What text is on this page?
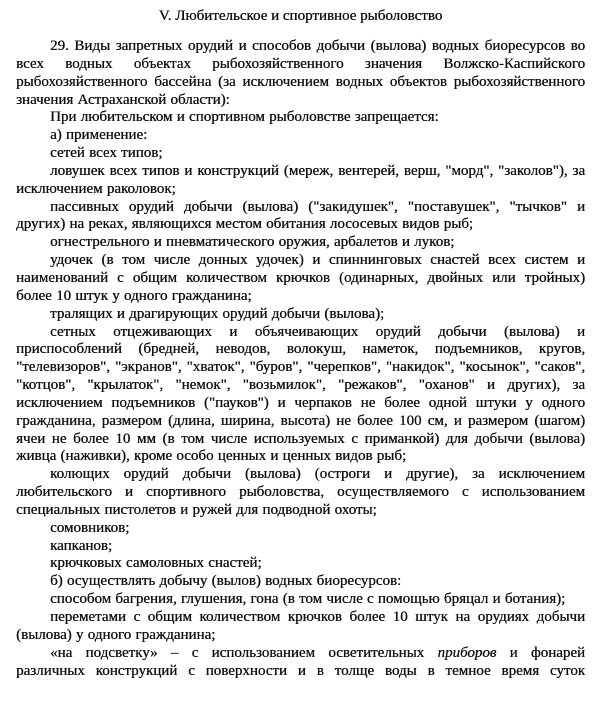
V. Любительское и спортивное рыболовство

29. Виды запретных орудий и способов добычи (вылова) водных биоресурсов во всех водных объектах рыбохозяйственного значения Волжско-Каспийского рыбохозяйственного бассейна (за исключением водных объектов рыбохозяйственного значения Астраханской области):

При любительском и спортивном рыболовстве запрещается:

а) применение:

сетей всех типов;

ловушек всех типов и конструкций (мереж, вентерей, верш, "морд", "заколов"), за исключением раколовок;

пассивных орудий добычи (вылова) ("закидушек", "поставушек", "тычков" и других) на реках, являющихся местом обитания лососевых видов рыб;

огнестрельного и пневматического оружия, арбалетов и луков;

удочек (в том числе донных удочек) и спиннинговых снастей всех систем и наименований с общим количеством крючков (одинарных, двойных или тройных) более 10 штук у одного гражданина;

тралящих и драгирующих орудий добычи (вылова);

сетных отцеживающих и объячеивающих орудий добычи (вылова) и приспособлений (бредней, неводов, волокуш, наметок, подъемников, кругов, "телевизоров", "экранов", "хваток", "буров", "черепков", "накидок", "косынок", "саков", "котцов", "крылаток", "немок", "возьмилок", "режаков", "оханов" и других), за исключением подъемников ("пауков") и черпаков не более одной штуки у одного гражданина, размером (длина, ширина, высота) не более 100 см, и размером (шагом) ячеи не более 10 мм (в том числе используемых с приманкой) для добычи (вылова) живца (наживки), кроме особо ценных и ценных видов рыб;

колющих орудий добычи (вылова) (остроги и другие), за исключением любительского и спортивного рыболовства, осуществляемого с использованием специальных пистолетов и ружей для подводной охоты;

сомовников;

капканов;

крючковых самоловных снастей;

б) осуществлять добычу (вылов) водных биоресурсов:

способом багрения, глушения, гона (в том числе с помощью бряцал и ботания);

переметами с общим количеством крючков более 10 штук на орудиях добычи (вылова) у одного гражданина;

«на подсветку» – с использованием осветительных приборов и фонарей различных конструкций с поверхности и в толще воды в темное время суток
